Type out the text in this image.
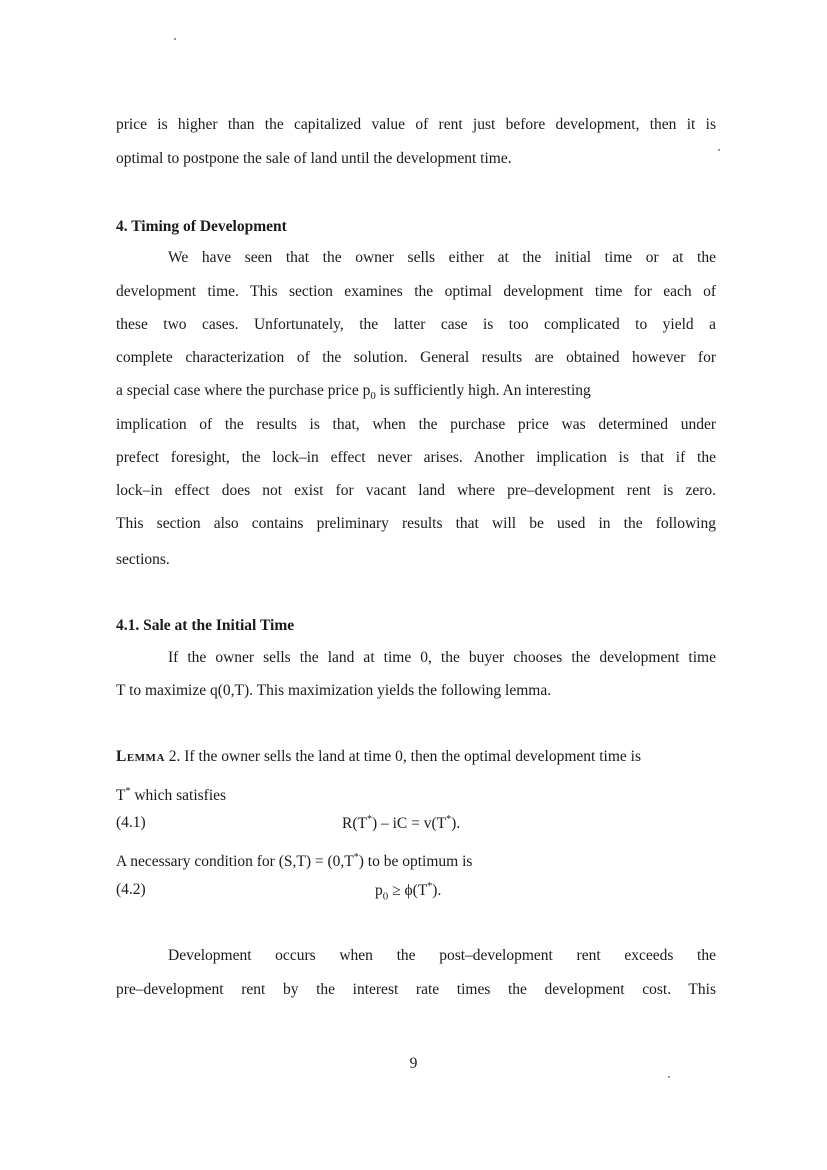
price is higher than the capitalized value of rent just before development, then it is
optimal to postpone the sale of land until the development time.
4. Timing of Development
We have seen that the owner sells either at the initial time or at the
development time. This section examines the optimal development time for each of
these two cases. Unfortunately, the latter case is too complicated to yield a
complete characterization of the solution. General results are obtained however for
a special case where the purchase price $p_0$ is sufficiently high. An interesting
implication of the results is that, when the purchase price was determined under
prefect foresight, the lock–in effect never arises. Another implication is that if the
lock–in effect does not exist for vacant land where pre–development rent is zero.
This section also contains preliminary results that will be used in the following
sections.
4.1. Sale at the Initial Time
If the owner sells the land at time 0, the buyer chooses the development time
T to maximize q(0,T). This maximization yields the following lemma.
Lemma 2. If the owner sells the land at time 0, then the optimal development time is
T* which satisfies
(4.1)	R(T*) – iC = v(T*).
A necessary condition for (S,T) = (0,T*) to be optimum is
(4.2)	$p_0 \ge \phi(T^*)$.
Development occurs when the post–development rent exceeds the
pre–development rent by the interest rate times the development cost. This
9
